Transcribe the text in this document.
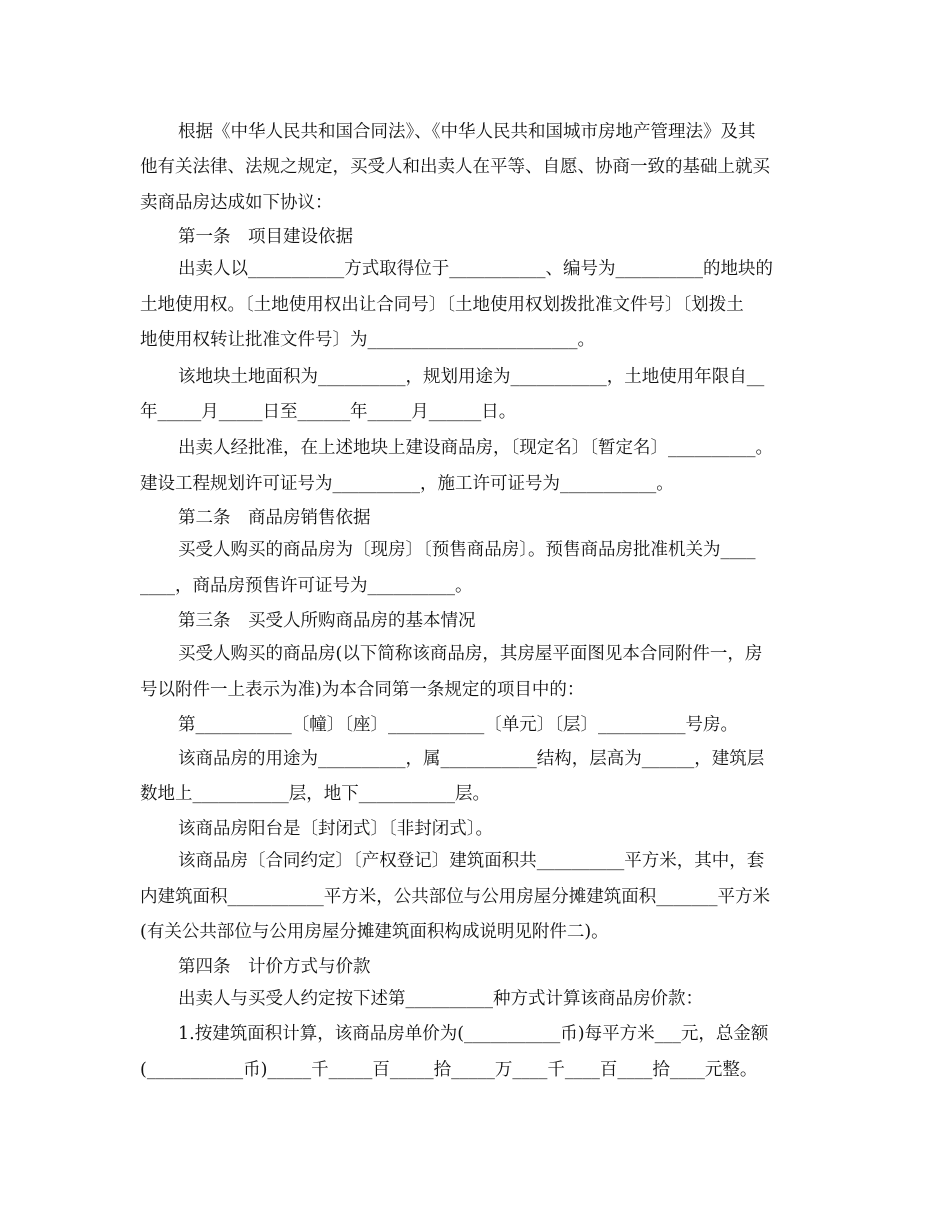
根据《中华人民共和国合同法》、《中华人民共和国城市房地产管理法》及其
他有关法律、法规之规定，买受人和出卖人在平等、自愿、协商一致的基础上就买
卖商品房达成如下协议：
第一条　项目建设依据
出卖人以___________方式取得位于___________、编号为__________的地块的
土地使用权。〔土地使用权出让合同号〕〔土地使用权划拨批准文件号〕〔划拨土
地使用权转让批准文件号〕为________________________。
该地块土地面积为__________，规划用途为___________，土地使用年限自__
年_____月_____日至______年_____月______日。
出卖人经批准，在上述地块上建设商品房，〔现定名〕〔暂定名〕__________。
建设工程规划许可证号为__________，施工许可证号为___________。
第二条　商品房销售依据
买受人购买的商品房为〔现房〕〔预售商品房〕。预售商品房批准机关为____
____，商品房预售许可证号为__________。
第三条　买受人所购商品房的基本情况
买受人购买的商品房(以下简称该商品房，其房屋平面图见本合同附件一，房
号以附件一上表示为准)为本合同第一条规定的项目中的：
第___________〔幢〕〔座〕___________〔单元〕〔层〕__________号房。
该商品房的用途为__________，属___________结构，层高为______，建筑层
数地上___________层，地下___________层。
该商品房阳台是〔封闭式〕〔非封闭式〕。
该商品房〔合同约定〕〔产权登记〕建筑面积共__________平方米，其中，套
内建筑面积___________平方米，公共部位与公用房屋分摊建筑面积_______平方米
(有关公共部位与公用房屋分摊建筑面积构成说明见附件二)。
第四条　计价方式与价款
出卖人与买受人约定按下述第__________种方式计算该商品房价款：
1.按建筑面积计算，该商品房单价为(___________币)每平方米___元，总金额
(___________币)_____千_____百_____拾_____万____千____百____拾____元整。
